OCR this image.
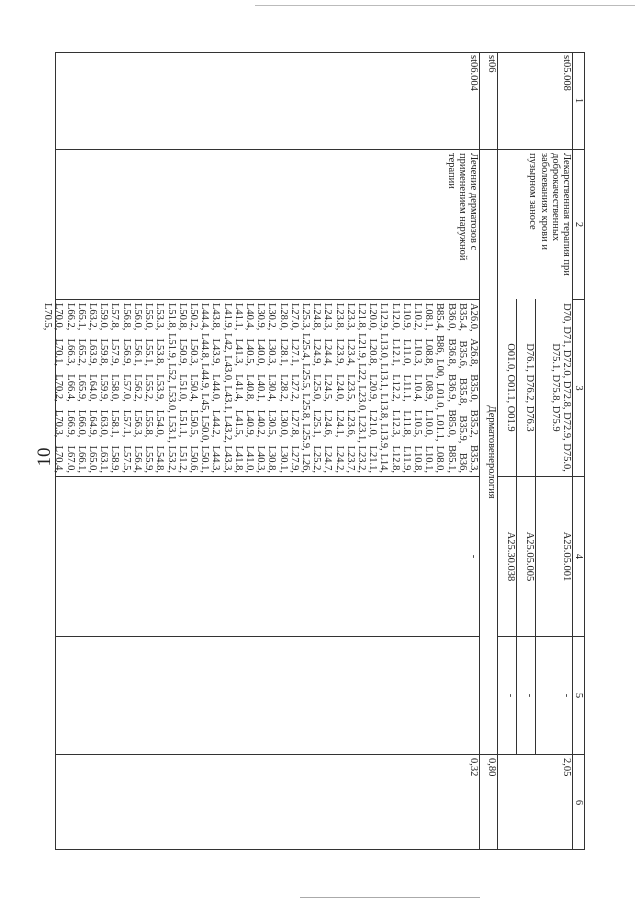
10
1
2
3
4
5
6
st05.008
Лекарственная терапия при доброкачественных заболеваниях крови и пузырном заносе
2,05
D70, D71, D72.0, D72.8, D72.9, D75.0, D75.1, D75.8, D75.9
A25.05.001
-
D76.1, D76.2, D76.3
A25.05.005
-
O01.0, O01.1, O01.9
A25.30.038
-
st06
Дерматовенерология
0,80
st06.004
Лечение дерматозов с применением наружной терапии
A26.0, A26.8, B35.0, B35.2, B35.3, B35.4, B35.6, B35.8, B35.9, B36, B36.0, B36.8, B36.9, B85.0, B85.1, B85.4, B86, L00, L01.0, L01.1, L08.0, L08.1, L08.8, L08.9, L10.0, L10.1, L10.2, L10.3, L10.4, L10.5, L10.8, L10.9, L11.0, L11.1, L11.8, L11.9, L12.0, L12.1, L12.2, L12.3, L12.8, L12.9, L13.0, L13.1, L13.8, L13.9, L14, L20.0, L20.8, L20.9, L21.0, L21.1, L21.8, L21.9, L22, L23.0, L23.1, L23.2, L23.3, L23.4, L23.5, L23.6, L23.7, L23.8, L23.9, L24.0, L24.1, L24.2, L24.3, L24.4, L24.5, L24.6, L24.7, L24.8, L24.9, L25.0, L25.1, L25.2, L25.3, L25.4, L25.5, L25.8, L25.9, L26, L27.0, L27.1, L27.2, L27.8, L27.9, L28.0, L28.1, L28.2, L30.0, L30.1, L30.2, L30.3, L30.4, L30.5, L30.8, L30.9, L40.0, L40.1, L40.2, L40.3, L40.4, L40.5, L40.8, L40.9, L41.0, L41.1, L41.3, L41.4, L41.5, L41.8, L41.9, L42, L43.0, L43.1, L43.2, L43.3, L43.8, L43.9, L44.0, L44.2, L44.3, L44.4, L44.8, L44.9, L45, L50.0, L50.1, L50.2, L50.3, L50.4, L50.5, L50.6, L50.8, L50.9, L51.0, L51.1, L51.2, L51.8, L51.9, L52, L53.0, L53.1, L53.2, L53.3, L53.8, L53.9, L54.0, L54.8, L55.0, L55.1, L55.2, L55.8, L55.9, L56.0, L56.1, L56.2, L56.3, L56.4, L56.8, L56.9, L57.0, L57.1, L57.5, L57.8, L57.9, L58.0, L58.1, L58.9, L59.0, L59.8, L59.9, L63.0, L63.1, L63.2, L63.9, L64.0, L64.9, L65.0, L65.1, L65.2, L65.9, L66.0, L66.1, L66.2, L66.3, L66.4, L66.9, L67.0, L70.0, L70.1, L70.2, L70.3, L70.4, L70.5,
-
0,32
